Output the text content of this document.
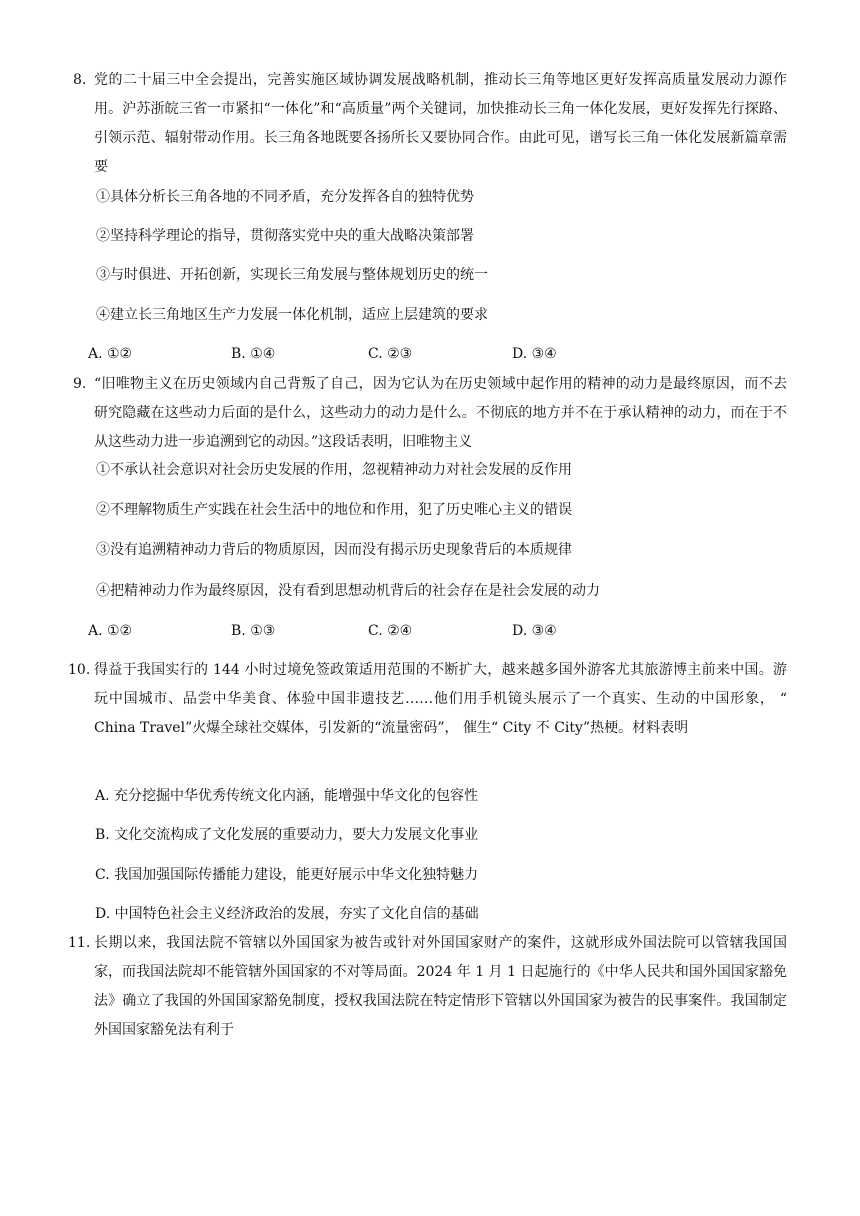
8. 党的二十届三中全会提出，完善实施区域协调发展战略机制，推动长三角等地区更好发挥高质量发展动力源作用。沪苏浙皖三省一市紧扣“一体化”和“高质量”两个关键词，加快推动长三角一体化发展，更好发挥先行探路、引领示范、辐射带动作用。长三角各地既要各扬所长又要协同合作。由此可见，谱写长三角一体化发展新篇章需要
①具体分析长三角各地的不同矛盾，充分发挥各自的独特优势
②坚持科学理论的指导，贯彻落实党中央的重大战略决策部署
③与时俱进、开拓创新，实现长三角发展与整体规划历史的统一
④建立长三角地区生产力发展一体化机制，适应上层建筑的要求
A. ①②	B. ①④	C. ②③	D. ③④
9. “旧唯物主义在历史领域内自己背叛了自己，因为它认为在历史领域中起作用的精神的动力是最终原因，而不去研究隐藏在这些动力后面的是什么，这些动力的动力是什么。不彻底的地方并不在于承认精神的动力，而在于不从这些动力进一步追溯到它的动因。”这段话表明，旧唯物主义
①不承认社会意识对社会历史发展的作用，忽视精神动力对社会发展的反作用
②不理解物质生产实践在社会生活中的地位和作用，犯了历史唯心主义的错误
③没有追溯精神动力背后的物质原因，因而没有揭示历史现象背后的本质规律
④把精神动力作为最终原因，没有看到思想动机背后的社会存在是社会发展的动力
A. ①②	B. ①③	C. ②④	D. ③④
10. 得益于我国实行的 144 小时过境免签政策适用范围的不断扩大，越来越多国外游客尤其旅游博主前来中国。游玩中国城市、品尝中华美食、体验中国非遗技艺……他们用手机镜头展示了一个真实、生动的中国形象， “ China Travel”火爆全球社交媒体，引发新的“流量密码”， 催生“ City 不 City”热梗。材料表明
A. 充分挖掘中华优秀传统文化内涵，能增强中华文化的包容性
B. 文化交流构成了文化发展的重要动力，要大力发展文化事业
C. 我国加强国际传播能力建设，能更好展示中华文化独特魅力
D. 中国特色社会主义经济政治的发展，夯实了文化自信的基础
11. 长期以来，我国法院不管辖以外国国家为被告或针对外国国家财产的案件，这就形成外国法院可以管辖我国国家，而我国法院却不能管辖外国国家的不对等局面。2024 年 1 月 1 日起施行的《中华人民共和国外国国家豁免法》确立了我国的外国国家豁免制度，授权我国法院在特定情形下管辖以外国国家为被告的民事案件。我国制定外国国家豁免法有利于
